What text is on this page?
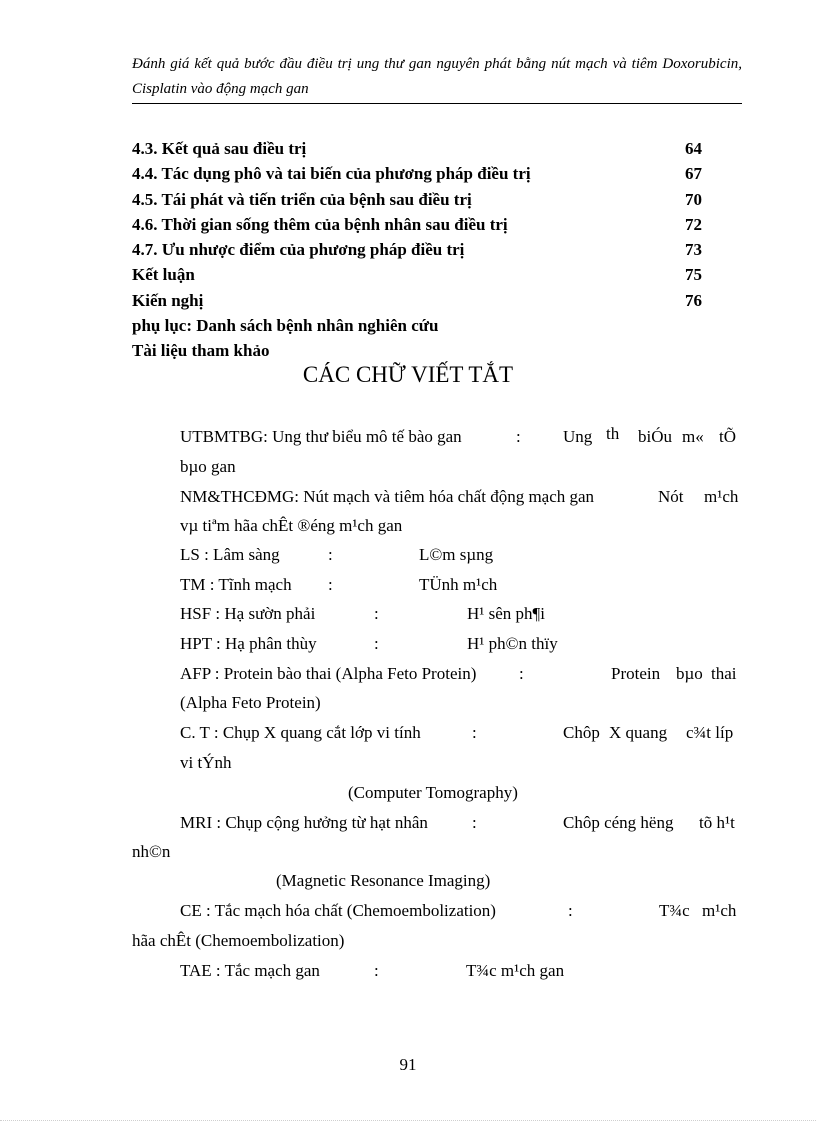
Đánh giá kết quả bước đầu điều trị ung thư gan nguyên phát bằng nút mạch và tiêm Doxorubicin, Cisplatin vào động mạch gan
4.3. Kết quả sau điều trị	64
4.4. Tác dụng phô và tai biến của phương pháp điều trị	67
4.5. Tái phát và tiến triển của bệnh sau điều trị	70
4.6. Thời gian sống thêm của bệnh nhân sau điều trị	72
4.7. Ưu nhược điểm của phương pháp điều trị	73
Kết luận	75
Kiến nghị	76
phụ lục: Danh sách bệnh nhân nghiên cứu
Tài liệu tham khảo
CÁC CHỮ VIẾT TẮT
UTBMTBG: Ung thư biểu mô tế bào gan	: Ung th biÓu m« tÕ
bµo gan
NM&THCĐMG: Nút mạch và tiêm hóa chất động mạch gan	Nót m¹ch
vµ tiªm hãa chÊt ®éng m¹ch gan
LS : Lâm sàng	:	L©m sµng
TM : Tĩnh mạch :	TÜnh m¹ch
HSF : Hạ sườn phải	:	H¹ sên ph¶i
HPT : Hạ phân thùy	:	H¹ ph©n thïy
AFP : Protein bào thai (Alpha Feto Protein)	:	Protein bµo thai
(Alpha Feto Protein)
C. T : Chụp X quang cắt lớp vi tính	:	Chôp X quang c¾t líp
vi tÝnh
(Computer Tomography)
MRI : Chụp cộng hưởng từ hạt nhân	:	Chôp céng hëng tõ h¹t
nh©n
(Magnetic Resonance Imaging)
CE : Tắc mạch hóa chất (Chemoembolization)	:	T¾c m¹ch
hãa chÊt (Chemoembolization)
TAE : Tắc mạch gan	:	T¾c m¹ch gan
91
